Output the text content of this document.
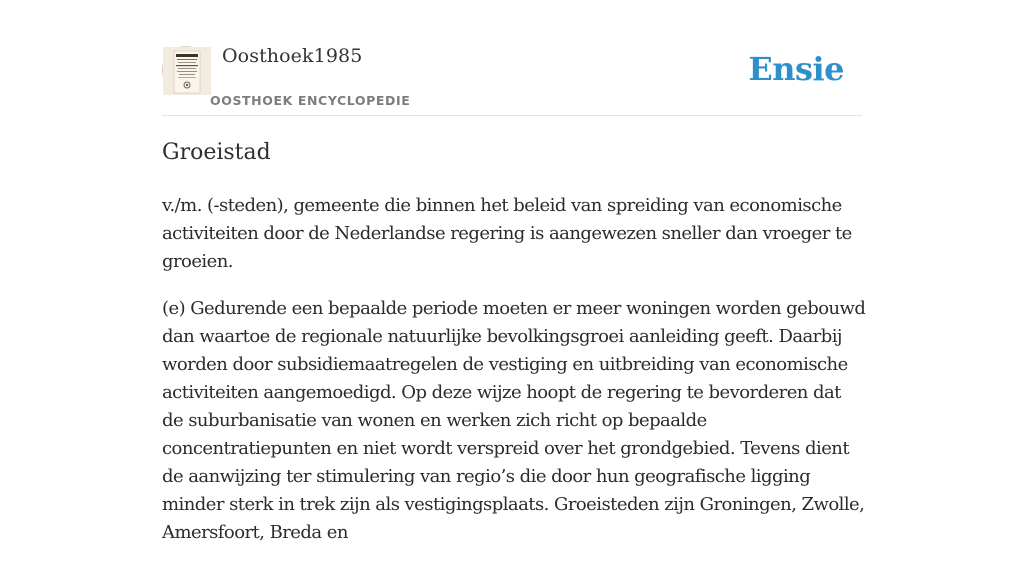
Oosthoek1985
OOSTHOEK ENCYCLOPEDIE
Ensie
Groeistad

v./m. (-steden), gemeente die binnen het beleid van spreiding van economische activiteiten door de Nederlandse regering is aangewezen sneller dan vroeger te groeien.

(e) Gedurende een bepaalde periode moeten er meer woningen worden gebouwd dan waartoe de regionale natuurlijke bevolkingsgroei aanleiding geeft. Daarbij worden door subsidiemaatregelen de vestiging en uitbreiding van economische activiteiten aangemoedigd. Op deze wijze hoopt de regering te bevorderen dat de suburbanisatie van wonen en werken zich richt op bepaalde concentratiepunten en niet wordt verspreid over het grondgebied. Tevens dient de aanwijzing ter stimulering van regio’s die door hun geografische ligging minder sterk in trek zijn als vestigingsplaats. Groeisteden zijn Groningen, Zwolle, Amersfoort, Breda en
